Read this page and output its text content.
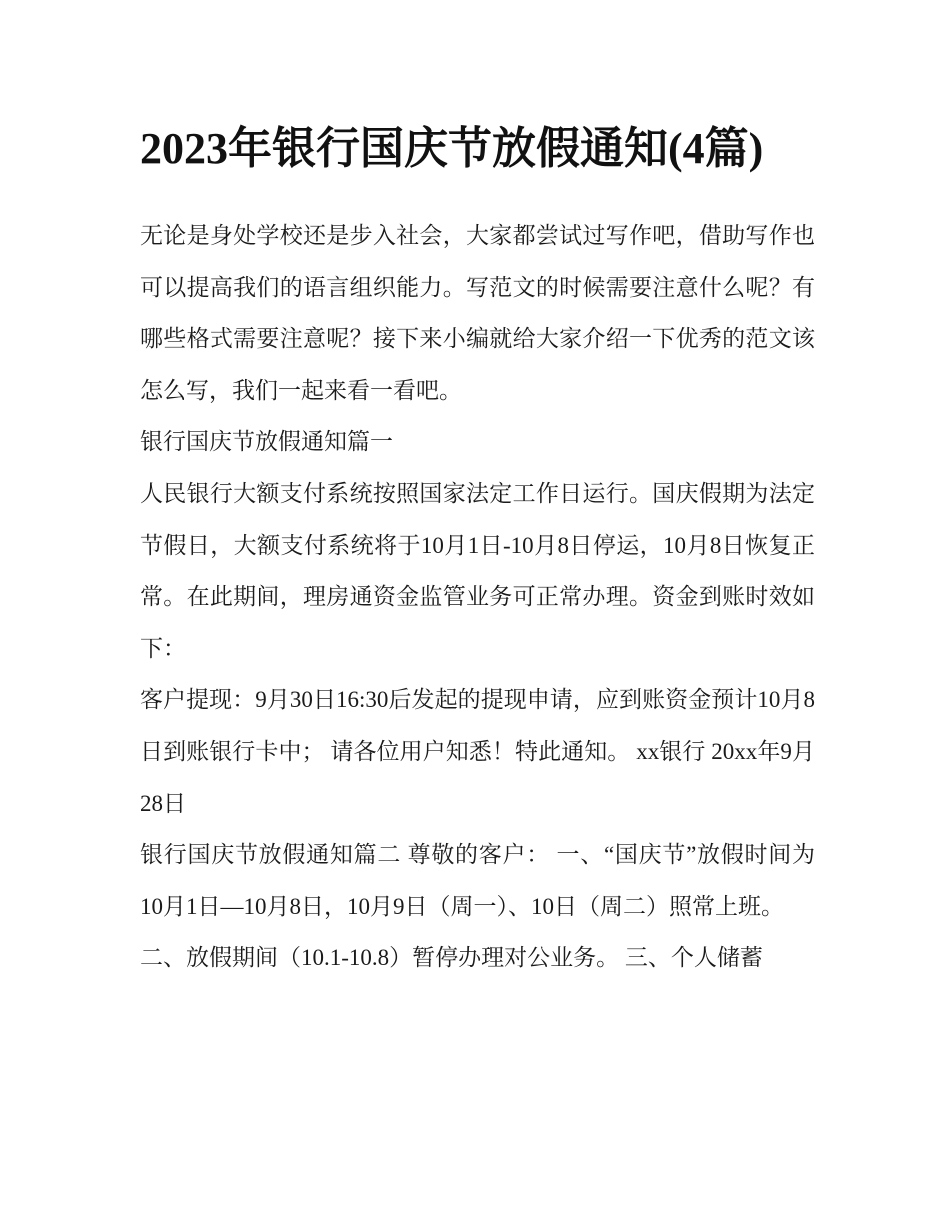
2023年银行国庆节放假通知(4篇)

无论是身处学校还是步入社会，大家都尝试过写作吧，借助写作也可以提高我们的语言组织能力。写范文的时候需要注意什么呢？有哪些格式需要注意呢？接下来小编就给大家介绍一下优秀的范文该怎么写，我们一起来看一看吧。

银行国庆节放假通知篇一

人民银行大额支付系统按照国家法定工作日运行。国庆假期为法定节假日，大额支付系统将于10月1日-10月8日停运，10月8日恢复正常。在此期间，理房通资金监管业务可正常办理。资金到账时效如下：

客户提现：9月30日16:30后发起的提现申请，应到账资金预计10月8日到账银行卡中； 请各位用户知悉！特此通知。 xx银行 20xx年9月28日

银行国庆节放假通知篇二 尊敬的客户： 一、“国庆节”放假时间为10月1日—10月8日，10月9日（周一）、10日（周二）照常上班。

二、放假期间（10.1-10.8）暂停办理对公业务。 三、个人储蓄
